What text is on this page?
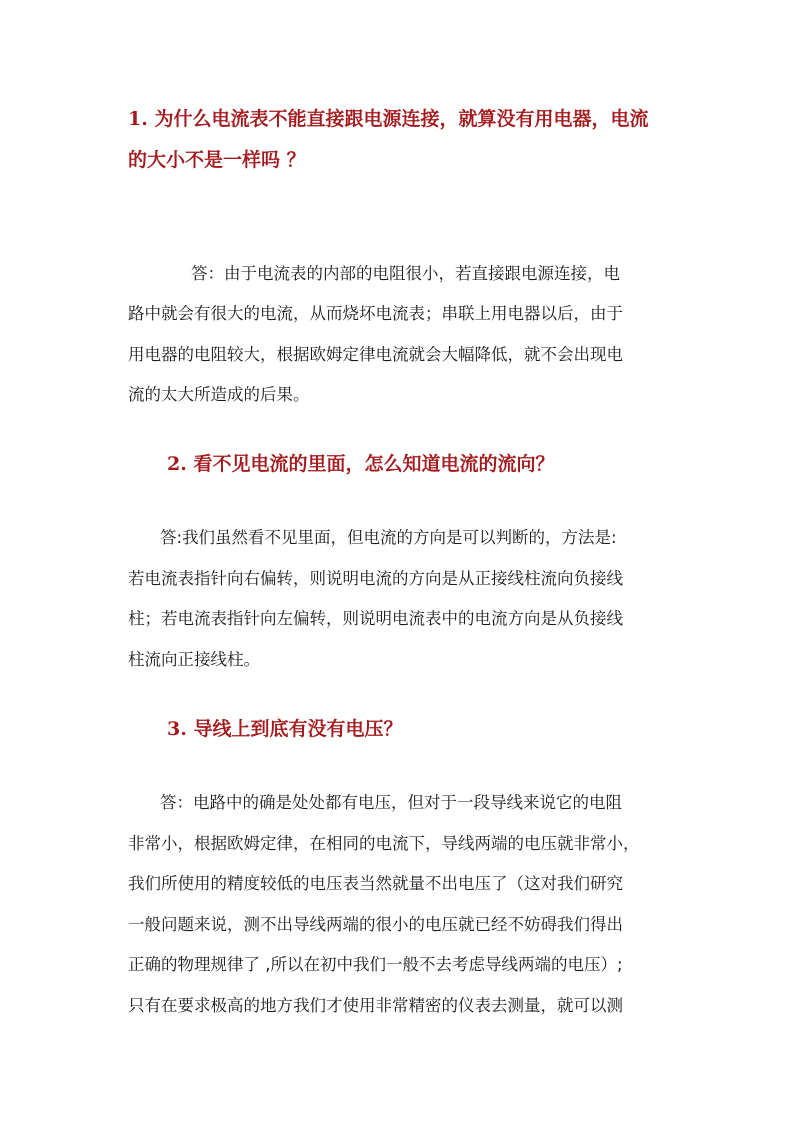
1. 为什么电流表不能直接跟电源连接，就算没有用电器，电流
的大小不是一样吗 ？
答：由于电流表的内部的电阻很小，若直接跟电源连接，电
路中就会有很大的电流，从而烧坏电流表；串联上用电器以后，由于
用电器的电阻较大，根据欧姆定律电流就会大幅降低，就不会出现电
流的太大所造成的后果。
2. 看不见电流的里面，怎么知道电流的流向？
答:我们虽然看不见里面，但电流的方向是可以判断的，方法是:
若电流表指针向右偏转，则说明电流的方向是从正接线柱流向负接线
柱；若电流表指针向左偏转，则说明电流表中的电流方向是从负接线
柱流向正接线柱。
3. 导线上到底有没有电压？
答：电路中的确是处处都有电压，但对于一段导线来说它的电阻
非常小，根据欧姆定律，在相同的电流下，导线两端的电压就非常小，
我们所使用的精度较低的电压表当然就量不出电压了（这对我们研究
一般问题来说，测不出导线两端的很小的电压就已经不妨碍我们得出
正确的物理规律了 ,所以在初中我们一般不去考虑导线两端的电压）;
只有在要求极高的地方我们才使用非常精密的仪表去测量，就可以测
